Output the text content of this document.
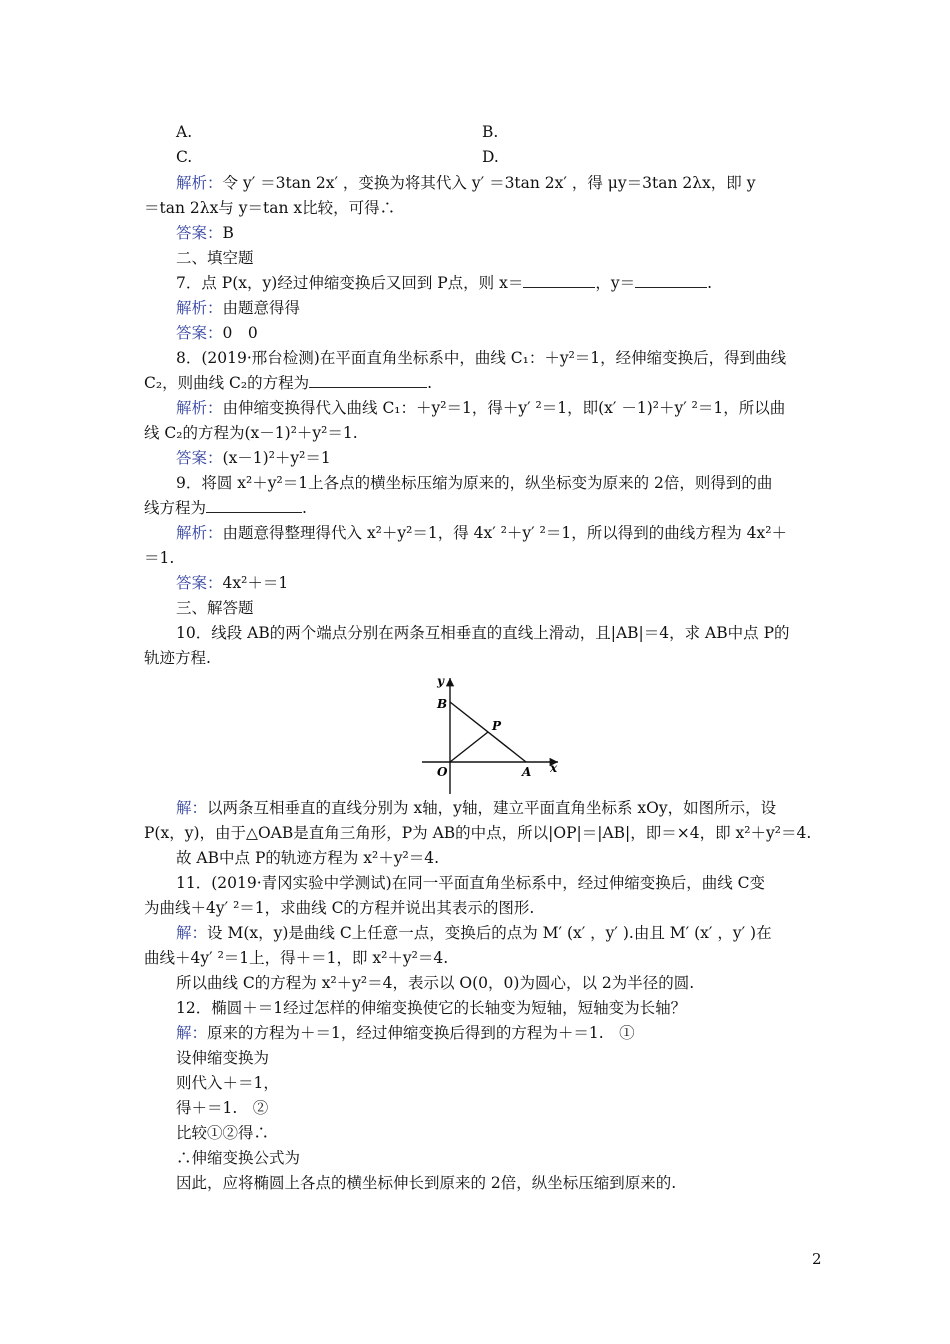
A.	B.
C.	D.
解析：令 y′ ＝3tan 2x′ ，变换为将其代入 y′ ＝3tan 2x′ ，得 μy＝3tan 2λx，即 y
＝tan 2λx与 y＝tan x比较，可得∴
答案：B
二、填空题
7．点 P(x，y)经过伸缩变换后又回到 P点，则 x＝	，y＝	.
解析：由题意得得
答案：0　0
8．(2019·邢台检测)在平面直角坐标系中，曲线 C₁：＋y²＝1，经伸缩变换后，得到曲线
C₂，则曲线 C₂的方程为	.
解析：由伸缩变换得代入曲线 C₁：＋y²＝1，得＋y′ ²＝1，即(x′ －1)²＋y′ ²＝1，所以曲
线 C₂的方程为(x－1)²＋y²＝1.
答案：(x－1)²＋y²＝1
9．将圆 x²＋y²＝1上各点的横坐标压缩为原来的，纵坐标变为原来的 2倍，则得到的曲
线方程为	.
解析：由题意得整理得代入 x²＋y²＝1，得 4x′ ²＋y′ ²＝1，所以得到的曲线方程为 4x²＋
＝1.
答案：4x²＋＝1
三、解答题
10．线段 AB的两个端点分别在两条互相垂直的直线上滑动，且|AB|＝4，求 AB中点 P的
轨迹方程.
y
x
B
P
O	A
解：以两条互相垂直的直线分别为 x轴，y轴，建立平面直角坐标系 xOy，如图所示，设
P(x，y)，由于△OAB是直角三角形，P为 AB的中点，所以|OP|＝|AB|，即＝×4，即 x²＋y²＝4.
故 AB中点 P的轨迹方程为 x²＋y²＝4.
11．(2019·青冈实验中学测试)在同一平面直角坐标系中，经过伸缩变换后，曲线 C变
为曲线＋4y′ ²＝1，求曲线 C的方程并说出其表示的图形.
解：设 M(x，y)是曲线 C上任意一点，变换后的点为 M′ (x′ ，y′ ).由且 M′ (x′ ，y′ )在
曲线＋4y′ ²＝1上，得＋＝1，即 x²＋y²＝4.
所以曲线 C的方程为 x²＋y²＝4，表示以 O(0，0)为圆心，以 2为半径的圆.
12．椭圆＋＝1经过怎样的伸缩变换使它的长轴变为短轴，短轴变为长轴？
解：原来的方程为＋＝1，经过伸缩变换后得到的方程为＋＝1.　①
设伸缩变换为
则代入＋＝1，
得＋＝1.　②
比较①②得∴
∴伸缩变换公式为
因此，应将椭圆上各点的横坐标伸长到原来的 2倍，纵坐标压缩到原来的.
2
